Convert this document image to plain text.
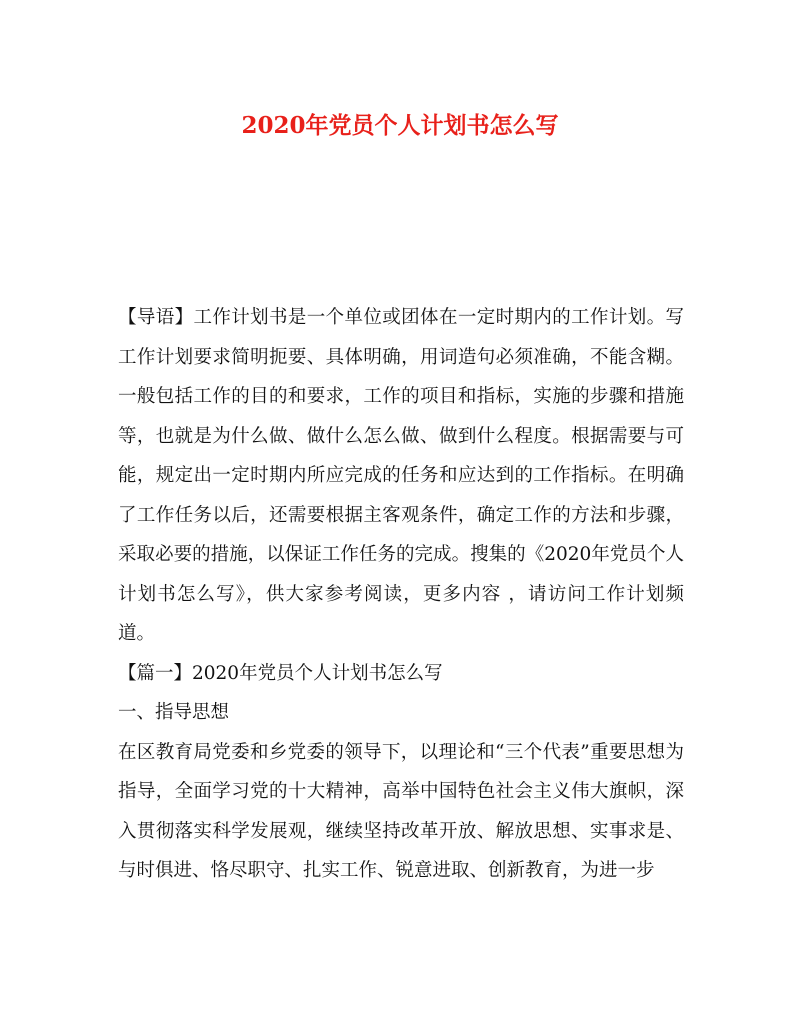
2020年党员个人计划书怎么写

【导语】工作计划书是一个单位或团体在一定时期内的工作计划。写工作计划要求简明扼要、具体明确，用词造句必须准确，不能含糊。一般包括工作的目的和要求，工作的项目和指标，实施的步骤和措施等，也就是为什么做、做什么怎么做、做到什么程度。根据需要与可能，规定出一定时期内所应完成的任务和应达到的工作指标。在明确了工作任务以后，还需要根据主客观条件，确定工作的方法和步骤，采取必要的措施，以保证工作任务的完成。搜集的《2020年党员个人计划书怎么写》，供大家参考阅读，更多内容 ，请访问工作计划频道。

【篇一】2020年党员个人计划书怎么写

一、指导思想

在区教育局党委和乡党委的领导下，以理论和“三个代表”重要思想为指导，全面学习党的十大精神，高举中国特色社会主义伟大旗帜，深入贯彻落实科学发展观，继续坚持改革开放、解放思想、实事求是、与时俱进、恪尽职守、扎实工作、锐意进取、创新教育，为进一步
